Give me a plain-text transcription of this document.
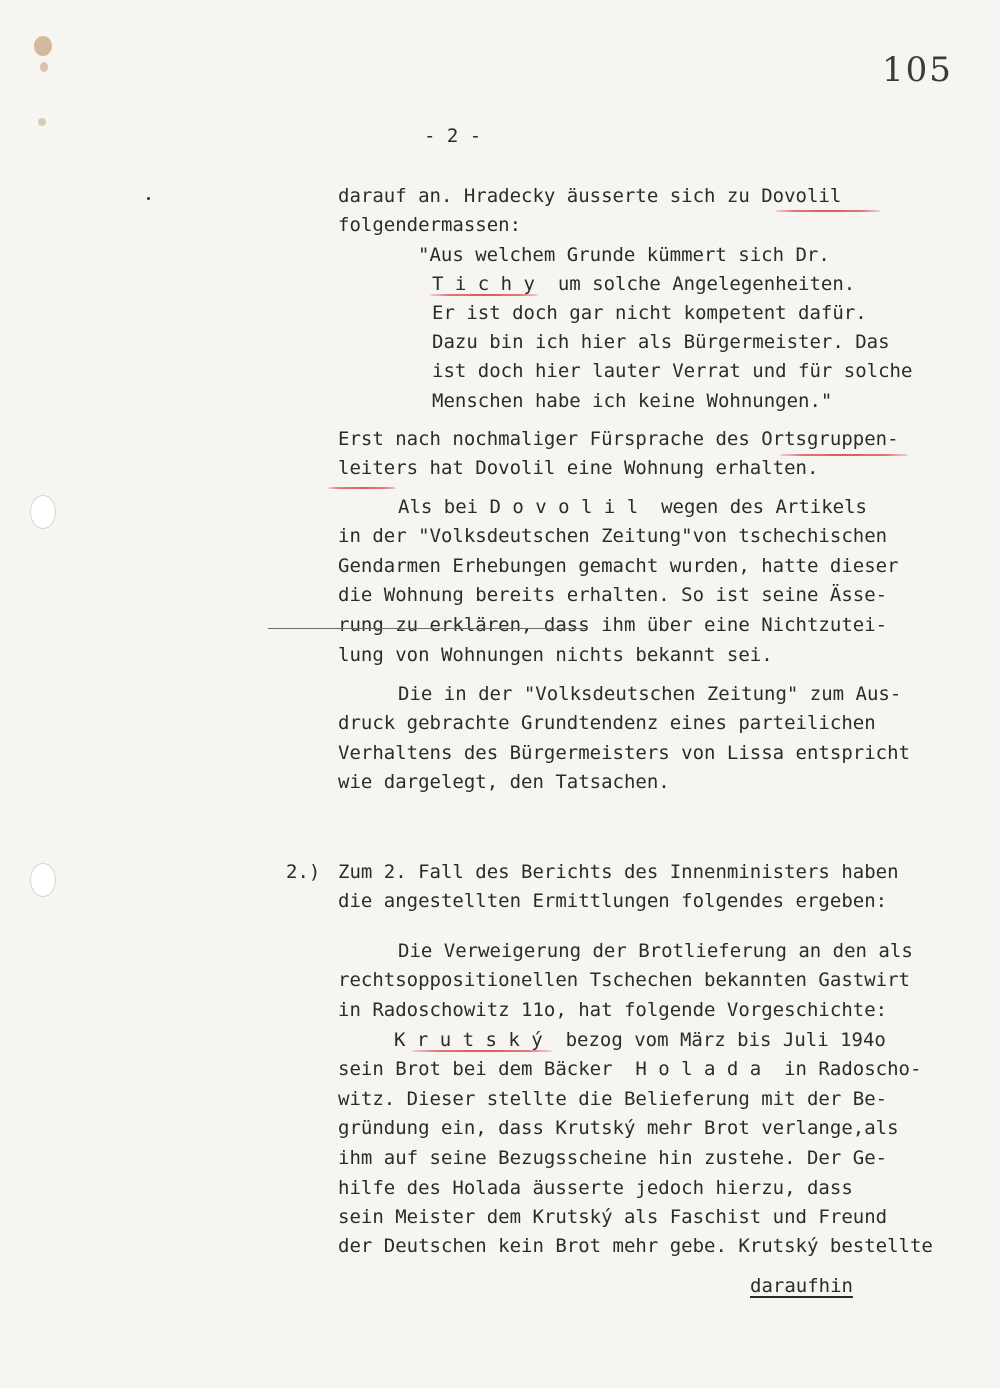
105
- 2 -
darauf an. Hradecky äusserte sich zu Dovolil
folgendermassen:
"Aus welchem Grunde kümmert sich Dr.
T i c h y  um solche Angelegenheiten.
Er ist doch gar nicht kompetent dafür.
Dazu bin ich hier als Bürgermeister. Das
ist doch hier lauter Verrat und für solche
Menschen habe ich keine Wohnungen."
Erst nach nochmaliger Fürsprache des Ortsgruppen-
leiters hat Dovolil eine Wohnung erhalten.
Als bei D o v o l i l  wegen des Artikels
in der "Volksdeutschen Zeitung"von tschechischen
Gendarmen Erhebungen gemacht wurden, hatte dieser
die Wohnung bereits erhalten. So ist seine Ässe-
rung zu erklären, dass ihm über eine Nichtzutei-
lung von Wohnungen nichts bekannt sei.
Die in der "Volksdeutschen Zeitung" zum Aus-
druck gebrachte Grundtendenz eines parteilichen
Verhaltens des Bürgermeisters von Lissa entspricht
wie dargelegt, den Tatsachen.
2.) Zum 2. Fall des Berichts des Innenministers haben
die angestellten Ermittlungen folgendes ergeben:
Die Verweigerung der Brotlieferung an den als
rechtsoppositionellen Tschechen bekannten Gastwirt
in Radoschowitz 11o, hat folgende Vorgeschichte:
K r u t s k ý  bezog vom März bis Juli 194o
sein Brot bei dem Bäcker  H o l a d a  in Radoscho-
witz. Dieser stellte die Belieferung mit der Be-
gründung ein, dass Krutský mehr Brot verlange,als
ihm auf seine Bezugsscheine hin zustehe. Der Ge-
hilfe des Holada äusserte jedoch hierzu, dass
sein Meister dem Krutský als Faschist und Freund
der Deutschen kein Brot mehr gebe. Krutský bestellte
daraufhin
